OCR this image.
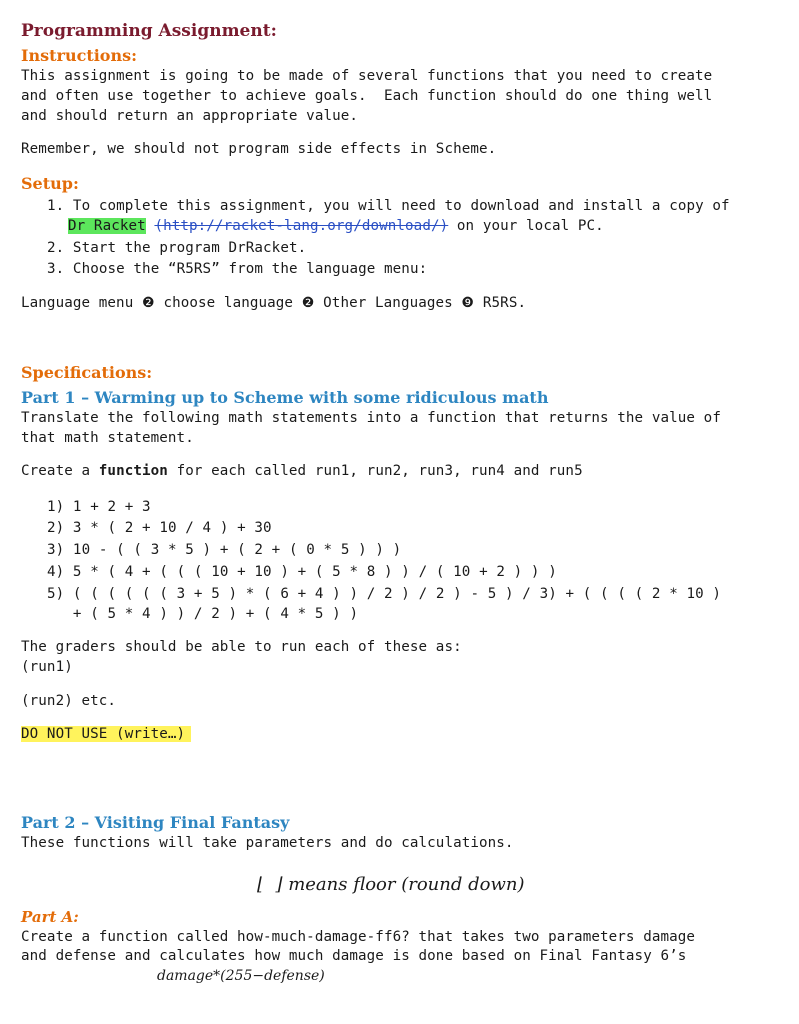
Programming Assignment:
Instructions:
This assignment is going to be made of several functions that you need to create
and often use together to achieve goals.  Each function should do one thing well
and should return an appropriate value.
Remember, we should not program side effects in Scheme.
Setup:
1. To complete this assignment, you will need to download and install a copy of
Dr Racket (http://racket-lang.org/download/) on your local PC.
2. Start the program DrRacket.
3. Choose the “R5RS” from the language menu:
Language menu ❷ choose language ❷ Other Languages ❾ R5RS.
Specifications:
Part 1 – Warming up to Scheme with some ridiculous math
Translate the following math statements into a function that returns the value of
that math statement.
Create a function for each called run1, run2, run3, run4 and run5
1) 1 + 2 + 3
2) 3 * ( 2 + 10 / 4 ) + 30
3) 10 - ( ( 3 * 5 ) + ( 2 + ( 0 * 5 ) ) )
4) 5 * ( 4 + ( ( ( 10 + 10 ) + ( 5 * 8 ) ) / ( 10 + 2 ) ) )
5) ( ( ( ( ( ( 3 + 5 ) * ( 6 + 4 ) ) / 2 ) / 2 ) - 5 ) / 3) + ( ( ( ( 2 * 10 )
+ ( 5 * 4 ) ) / 2 ) + ( 4 * 5 ) )
The graders should be able to run each of these as:
(run1)
(run2) etc.
DO NOT USE (write…)
Part 2 – Visiting Final Fantasy
These functions will take parameters and do calculations.
⌊  ⌋ means floor (round down)
Part A:
Create a function called how-much-damage-ff6? that takes two parameters damage
and defense and calculates how much damage is done based on Final Fantasy 6’s
damage*(255−defense)
